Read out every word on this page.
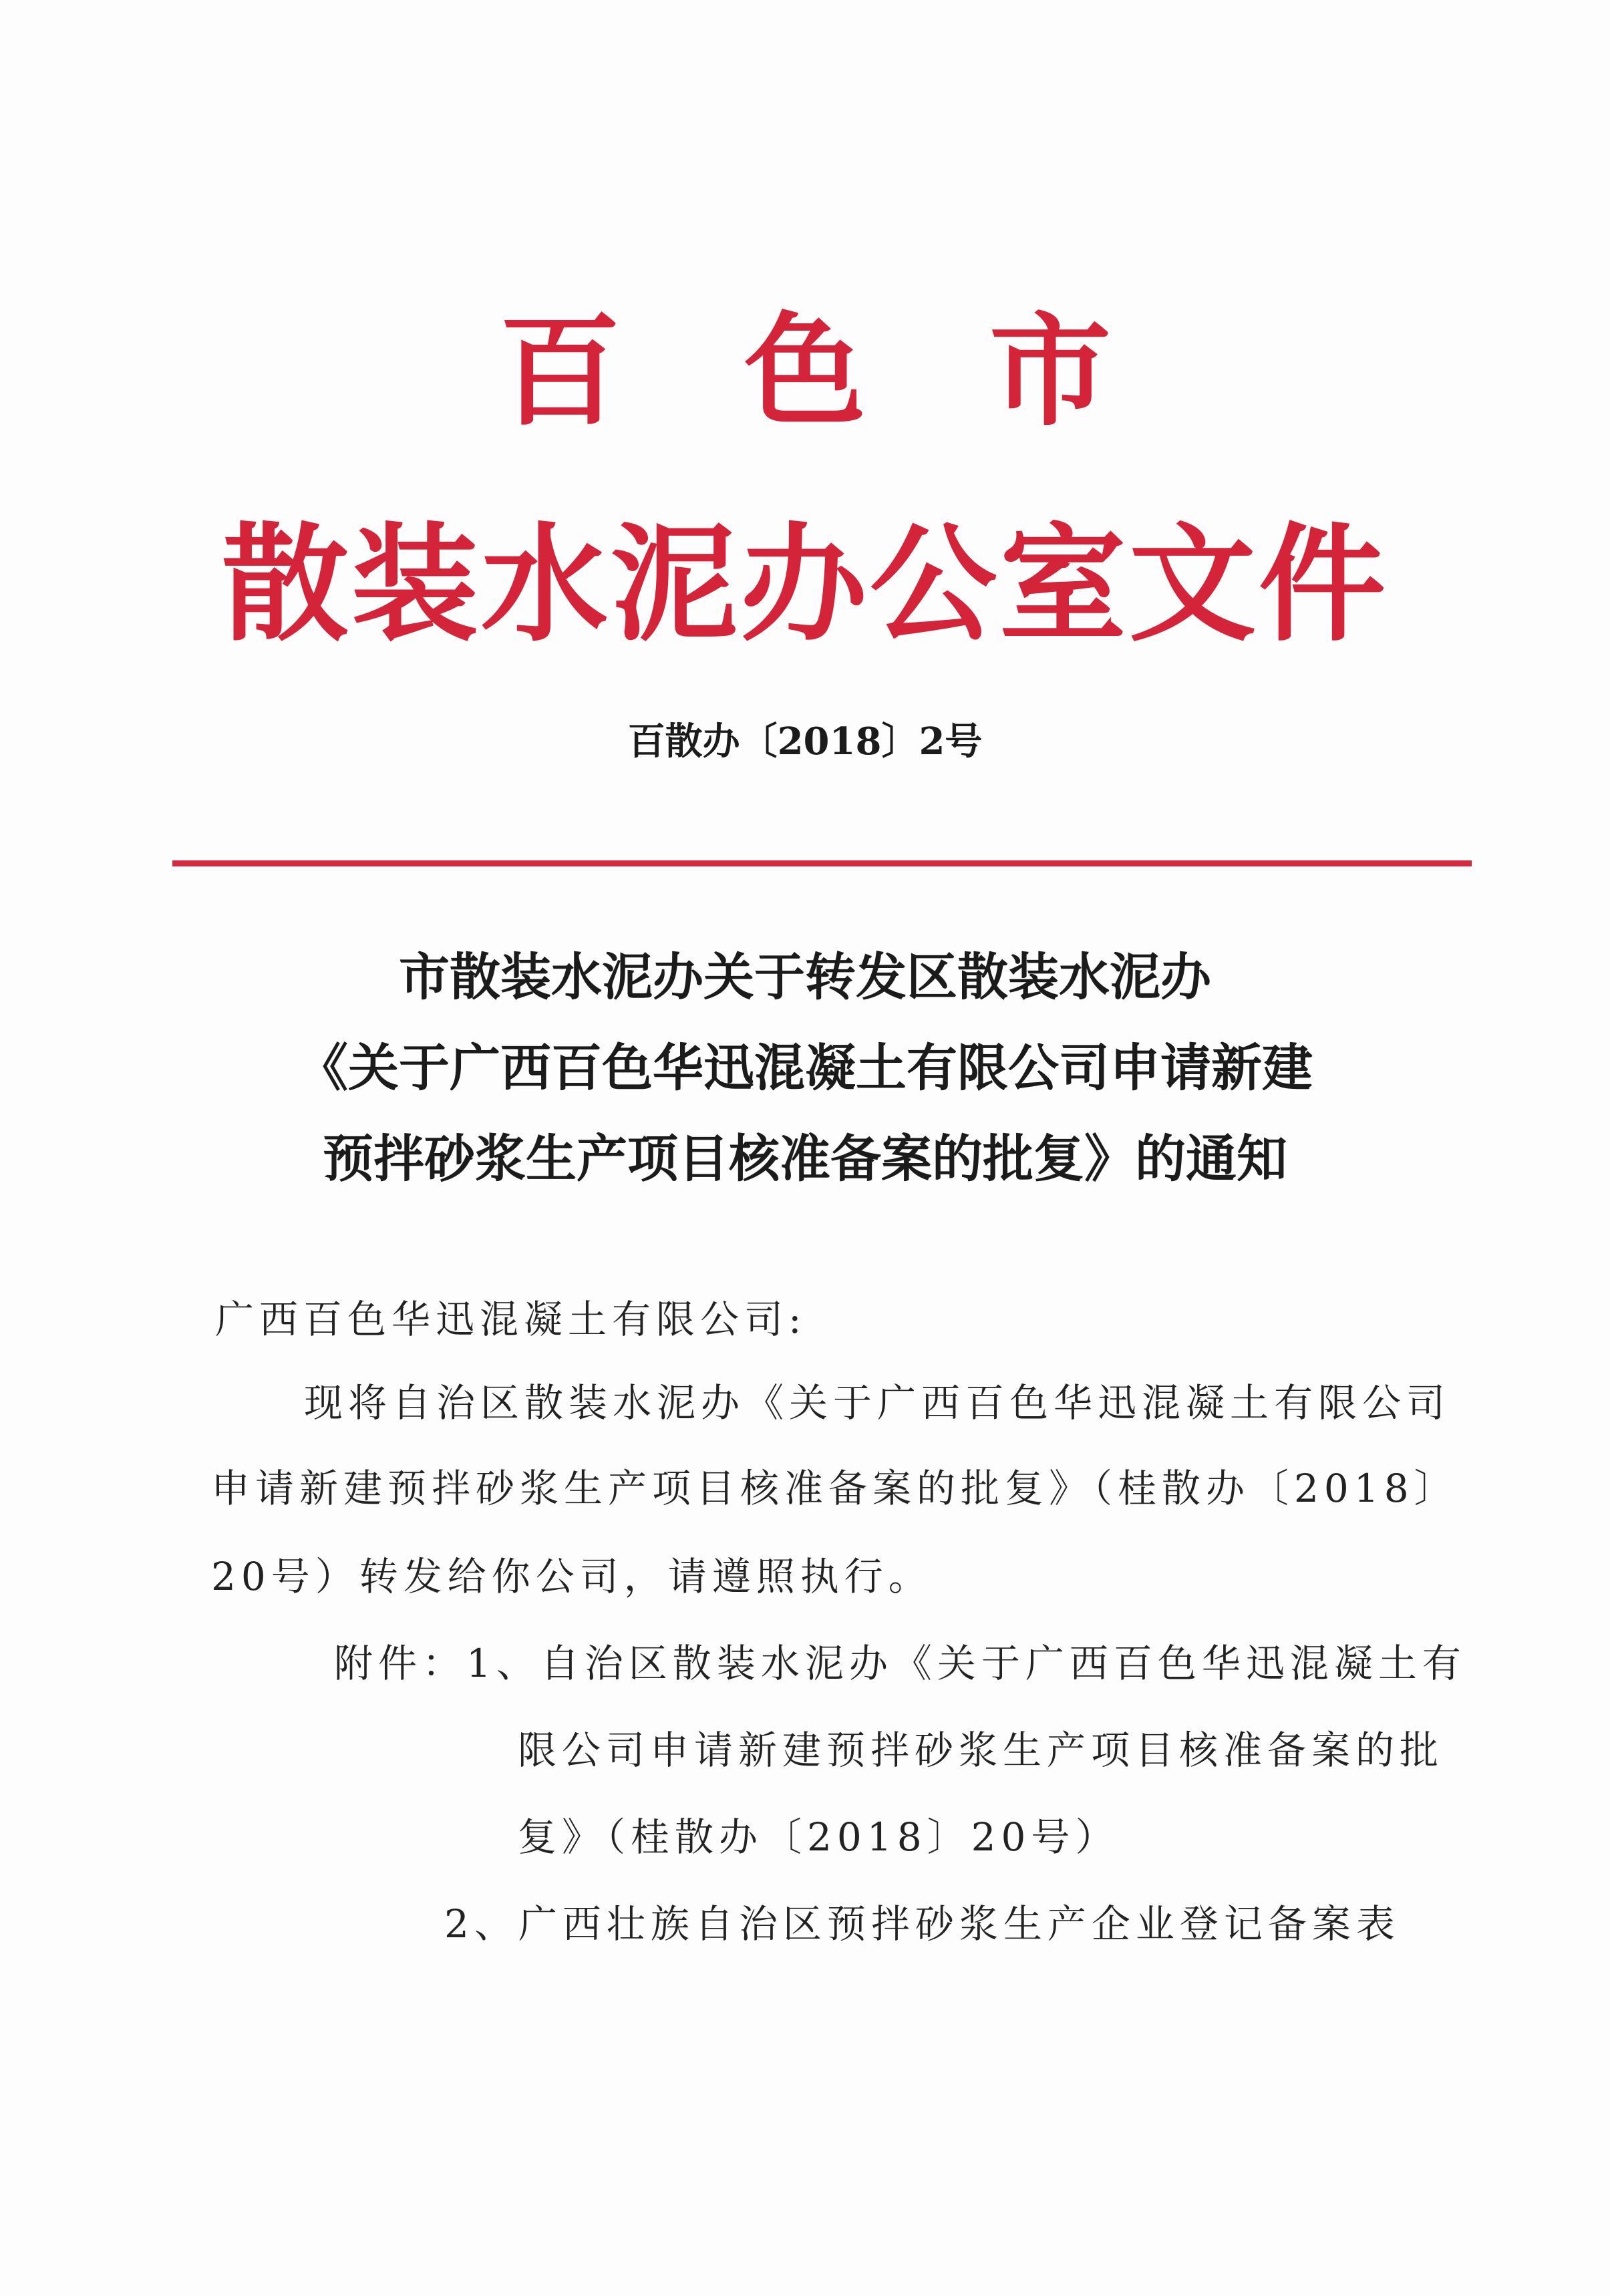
百色市
散装水泥办公室文件
百散办〔2018〕2号
市散装水泥办关于转发区散装水泥办
《关于广西百色华迅混凝土有限公司申请新建
预拌砂浆生产项目核准备案的批复》的通知
广西百色华迅混凝土有限公司:
现将自治区散装水泥办《关于广西百色华迅混凝土有限公司
申请新建预拌砂浆生产项目核准备案的批复》（桂散办〔2018〕
20号）转发给你公司，请遵照执行。
附件：1、自治区散装水泥办《关于广西百色华迅混凝土有
限公司申请新建预拌砂浆生产项目核准备案的批
复》（桂散办〔2018〕20号）
2、广西壮族自治区预拌砂浆生产企业登记备案表
